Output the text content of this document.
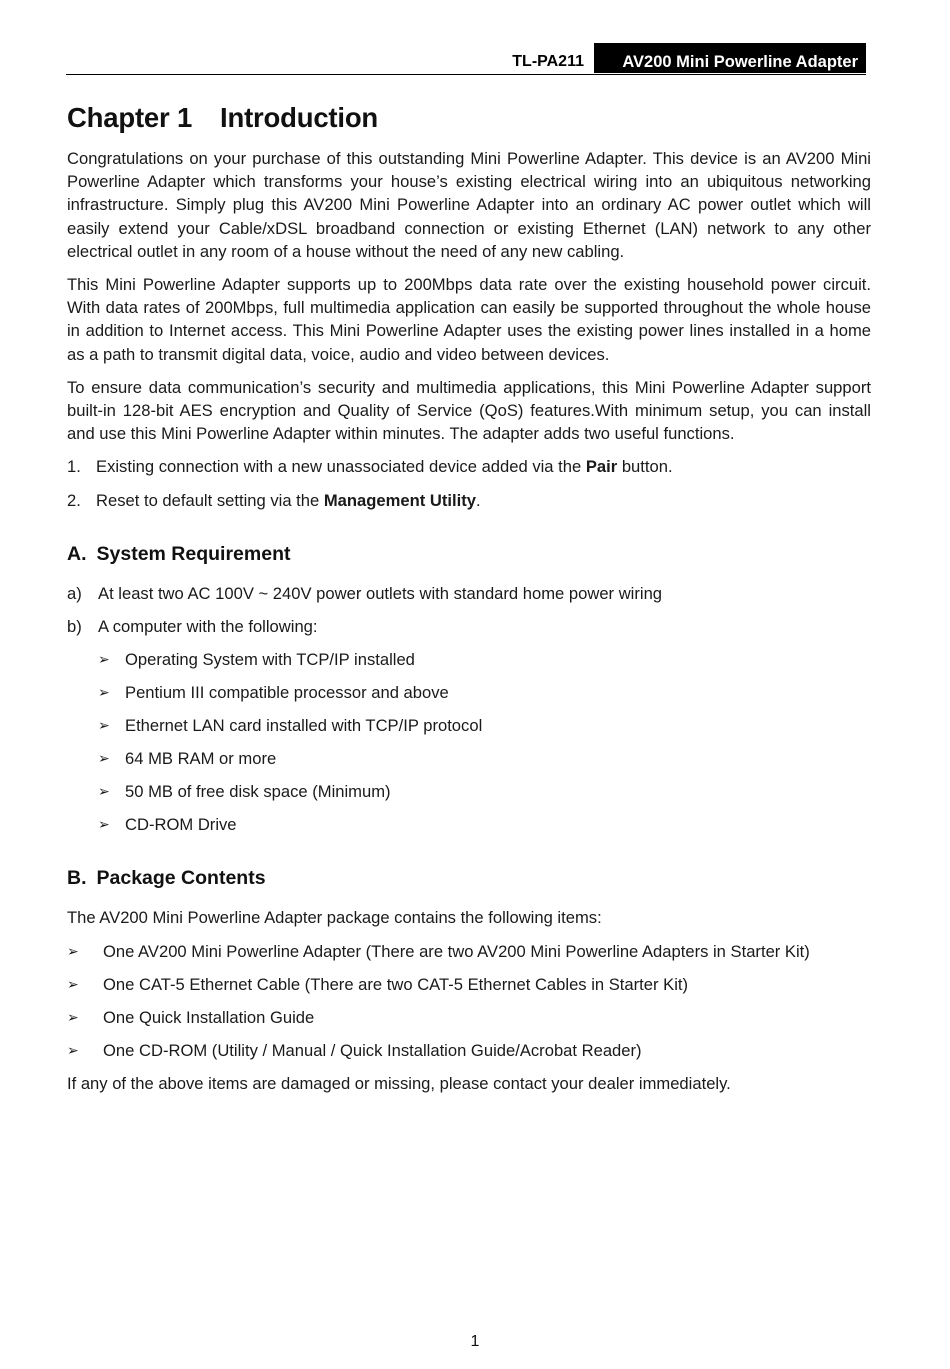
TL-PA211	AV200 Mini Powerline Adapter
Chapter 1 Introduction

Congratulations on your purchase of this outstanding Mini Powerline Adapter. This device is an AV200 Mini Powerline Adapter which transforms your house’s existing electrical wiring into an ubiquitous networking infrastructure. Simply plug this AV200 Mini Powerline Adapter into an ordinary AC power outlet which will easily extend your Cable/xDSL broadband connection or existing Ethernet (LAN) network to any other electrical outlet in any room of a house without the need of any new cabling.

This Mini Powerline Adapter supports up to 200Mbps data rate over the existing household power circuit. With data rates of 200Mbps, full multimedia application can easily be supported throughout the whole house in addition to Internet access. This Mini Powerline Adapter uses the existing power lines installed in a home as a path to transmit digital data, voice, audio and video between devices.

To ensure data communication’s security and multimedia applications, this Mini Powerline Adapter support built-in 128-bit AES encryption and Quality of Service (QoS) features.With minimum setup, you can install and use this Mini Powerline Adapter within minutes. The adapter adds two useful functions.

1. Existing connection with a new unassociated device added via the Pair button.
2. Reset to default setting via the Management Utility.
A. System Requirement
a) At least two AC 100V ~ 240V power outlets with standard home power wiring
b) A computer with the following:
➢ Operating System with TCP/IP installed
➢ Pentium III compatible processor and above
➢ Ethernet LAN card installed with TCP/IP protocol
➢ 64 MB RAM or more
➢ 50 MB of free disk space (Minimum)
➢ CD-ROM Drive
B. Package Contents

The AV200 Mini Powerline Adapter package contains the following items:

➢	One AV200 Mini Powerline Adapter (There are two AV200 Mini Powerline Adapters in Starter Kit)
➢	One CAT-5 Ethernet Cable (There are two CAT-5 Ethernet Cables in Starter Kit)
➢	One Quick Installation Guide
➢	One CD-ROM (Utility / Manual / Quick Installation Guide/Acrobat Reader)

If any of the above items are damaged or missing, please contact your dealer immediately.

1
